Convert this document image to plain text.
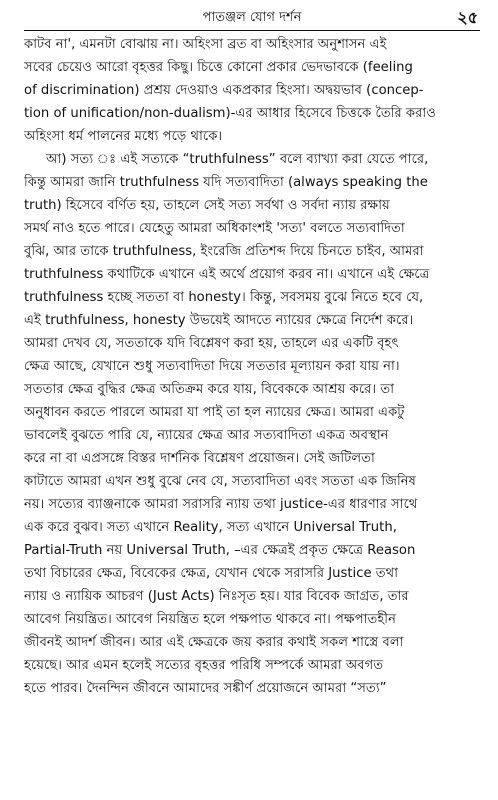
পাতঞ্জল যোগ দর্শন	২৫
কাটব না', এমনটা বোঝায় না। অহিংসা ব্রত বা অহিংসার অনুশাসন এই
সবের চেয়েও আরো বৃহত্তর কিছু। চিত্তে কোনো প্রকার ভেদভাবকে (feeling
of discrimination) প্রশ্রয় দেওয়াও একপ্রকার হিংসা। অদ্বয়ভাব (concep-
tion of unification/non-dualism)-এর আধার হিসেবে চিত্তকে তৈরি করাও
অহিংসা ধর্ম পালনের মধ্যে পড়ে থাকে।
আ) সত্য ঃ এই সত্যকে “truthfulness” বলে ব্যাখ্যা করা যেতে পারে,
কিন্তু আমরা জানি truthfulness যদি সত্যবাদিতা (always speaking the
truth) হিসেবে বর্ণিত হয়, তাহলে সেই সত্য সর্বথা ও সর্বদা ন্যায় রক্ষায়
সমর্থ নাও হতে পারে। যেহেতু আমরা অধিকাংশই 'সত্য' বলতে সত্যবাদিতা
বুঝি, আর তাকে truthfulness, ইংরেজি প্রতিশব্দ দিয়ে চিনতে চাইব, আমরা
truthfulness কথাটিকে এখানে এই অর্থে প্রয়োগ করব না। এখানে এই ক্ষেত্রে
truthfulness হচ্ছে সততা বা honesty। কিন্তু, সবসময় বুঝে নিতে হবে যে,
এই truthfulness, honesty উভয়েই আদতে ন্যায়ের ক্ষেত্রে নির্দেশ করে।
আমরা দেখব যে, সততাকে যদি বিশ্লেষণ করা হয়, তাহলে এর একটি বৃহৎ
ক্ষেত্র আছে, যেখানে শুধু সত্যবাদিতা দিয়ে সততার মূল্যায়ন করা যায় না।
সততার ক্ষেত্র বুদ্ধির ক্ষেত্র অতিক্রম করে যায়, বিবেককে আশ্রয় করে। তা
অনুধাবন করতে পারলে আমরা যা পাই তা হল ন্যায়ের ক্ষেত্র। আমরা একটু
ভাবলেই বুঝতে পারি যে, ন্যায়ের ক্ষেত্র আর সত্যবাদিতা একত্র অবস্থান
করে না বা এপ্রসঙ্গে বিস্তর দার্শনিক বিশ্লেষণ প্রয়োজন। সেই জটিলতা
কাটাতে আমরা এখন শুধু বুঝে নেব যে, সত্যবাদিতা এবং সততা এক জিনিষ
নয়। সত্যের ব্যাঞ্জনাকে আমরা সরাসরি ন্যায় তথা justice-এর ধারণার সাথে
এক করে বুঝব। সত্য এখানে Reality, সত্য এখানে Universal Truth,
Partial-Truth নয় Universal Truth, –এর ক্ষেত্রই প্রকৃত ক্ষেত্রে Reason
তথা বিচারের ক্ষেত্র, বিবেকের ক্ষেত্র, যেখান থেকে সরাসরি Justice তথা
ন্যায় ও ন্যায়িক আচরণ (Just Acts) নিঃসৃত হয়। যার বিবেক জাগ্রত, তার
আবেগ নিয়ন্ত্রিত। আবেগ নিয়ন্ত্রিত হলে পক্ষপাত থাকবে না। পক্ষপাতহীন
জীবনই আদর্শ জীবন। আর এই ক্ষেত্রকে জয় করার কথাই সকল শাস্ত্রে বলা
হয়েছে। আর এমন হলেই সত্যের বৃহত্তর পরিধি সম্পর্কে আমরা অবগত
হতে পারব। দৈনন্দিন জীবনে আমাদের সঙ্কীর্ণ প্রয়োজনে আমরা “সত্য”
